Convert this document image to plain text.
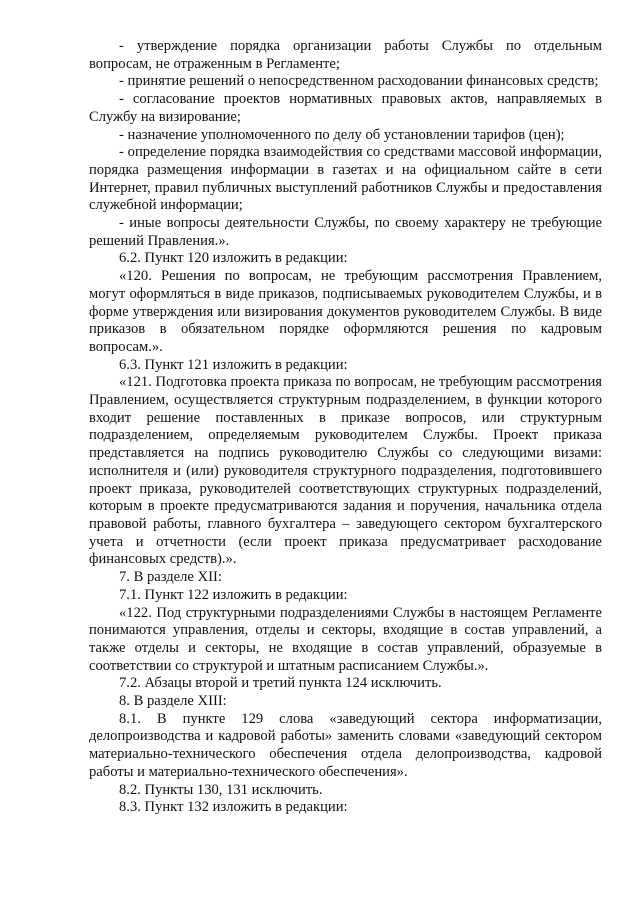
- утверждение порядка организации работы Службы по отдельным вопросам, не отраженным в Регламенте;

- принятие решений о непосредственном расходовании финансовых средств;

- согласование проектов нормативных правовых актов, направляемых в Службу на визирование;

- назначение уполномоченного по делу об установлении тарифов (цен);

- определение порядка взаимодействия со средствами массовой информации, порядка размещения информации в газетах и на официальном сайте в сети Интернет, правил публичных выступлений работников Службы и предоставления служебной информации;

- иные вопросы деятельности Службы, по своему характеру не требующие решений Правления.».

6.2. Пункт 120 изложить в редакции:

«120. Решения по вопросам, не требующим рассмотрения Правлением, могут оформляться в виде приказов, подписываемых руководителем Службы, и в форме утверждения или визирования документов руководителем Службы. В виде приказов в обязательном порядке оформляются решения по кадровым вопросам.».

6.3. Пункт 121 изложить в редакции:

«121. Подготовка проекта приказа по вопросам, не требующим рассмотрения Правлением, осуществляется структурным подразделением, в функции которого входит решение поставленных в приказе вопросов, или структурным подразделением, определяемым руководителем Службы. Проект приказа представляется на подпись руководителю Службы со следующими визами: исполнителя и (или) руководителя структурного подразделения, подготовившего проект приказа, руководителей соответствующих структурных подразделений, которым в проекте предусматриваются задания и поручения, начальника отдела правовой работы, главного бухгалтера – заведующего сектором бухгалтерского учета и отчетности (если проект приказа предусматривает расходование финансовых средств).».

7. В разделе XII:

7.1. Пункт 122 изложить в редакции:

«122. Под структурными подразделениями Службы в настоящем Регламенте понимаются управления, отделы и секторы, входящие в состав управлений, а также отделы и секторы, не входящие в состав управлений, образуемые в соответствии со структурой и штатным расписанием Службы.».

7.2. Абзацы второй и третий пункта 124 исключить.

8. В разделе XIII:

8.1. В пункте 129 слова «заведующий сектора информатизации, делопроизводства и кадровой работы» заменить словами «заведующий сектором материально-технического обеспечения отдела делопроизводства, кадровой работы и материально-технического обеспечения».

8.2. Пункты 130, 131 исключить.

8.3. Пункт 132 изложить в редакции:
